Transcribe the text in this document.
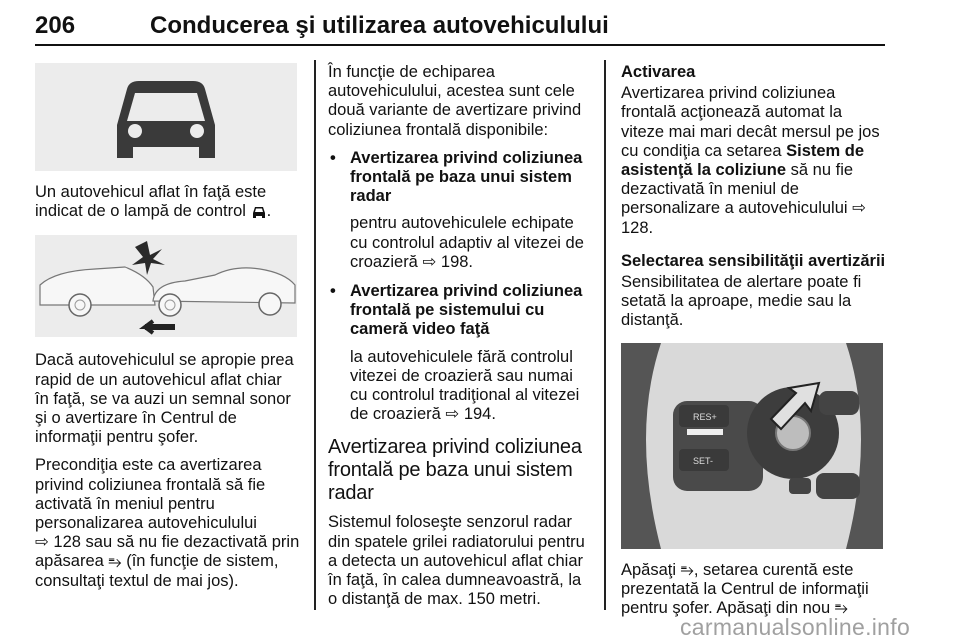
206	Conducerea şi utilizarea autovehiculului

Un autovehicul aflat în faţă este
indicat de o lampă de control .

Dacă autovehiculul se apropie prea rapid de un autovehicul aflat chiar în faţă, se va auzi un semnal sonor şi o avertizare în Centrul de informaţii pentru şofer.

Precondiţia este ca avertizarea privind coliziunea frontală să fie activată în meniul pentru personalizarea autovehiculului
⇨ 128 sau să nu fie dezactivată prin apăsarea ⥱ (în funcţie de sistem, consultaţi textul de mai jos).

În funcţie de echiparea autovehiculului, acestea sunt cele două variante de avertizare privind coliziunea frontală disponibile:

• Avertizarea privind coliziunea frontală pe baza unui sistem radar
pentru autovehiculele echipate cu controlul adaptiv al vitezei de croazieră ⇨ 198.
• Avertizarea privind coliziunea frontală pe sistemului cu cameră video faţă
la autovehiculele fără controlul vitezei de croazieră sau numai cu controlul tradiţional al vitezei de croazieră ⇨ 194.
Avertizarea privind coliziunea frontală pe baza unui sistem radar

Sistemul foloseşte senzorul radar din spatele grilei radiatorului pentru a detecta un autovehicul aflat chiar în faţă, în calea dumneavoastră, la o distanţă de max. 150 metri.

Activarea

Avertizarea privind coliziunea frontală acţionează automat la viteze mai mari decât mersul pe jos cu condiţia ca setarea Sistem de asistenţă la coliziune să nu fie dezactivată în meniul de personalizare a autovehiculului ⇨ 128.

Selectarea sensibilităţii avertizării

Sensibilitatea de alertare poate fi setată la aproape, medie sau la distanţă.

RES+
SET-

Apăsaţi ⥱, setarea curentă este prezentată la Centrul de informaţii pentru şofer. Apăsaţi din nou ⥱

carmanualsonline.info
